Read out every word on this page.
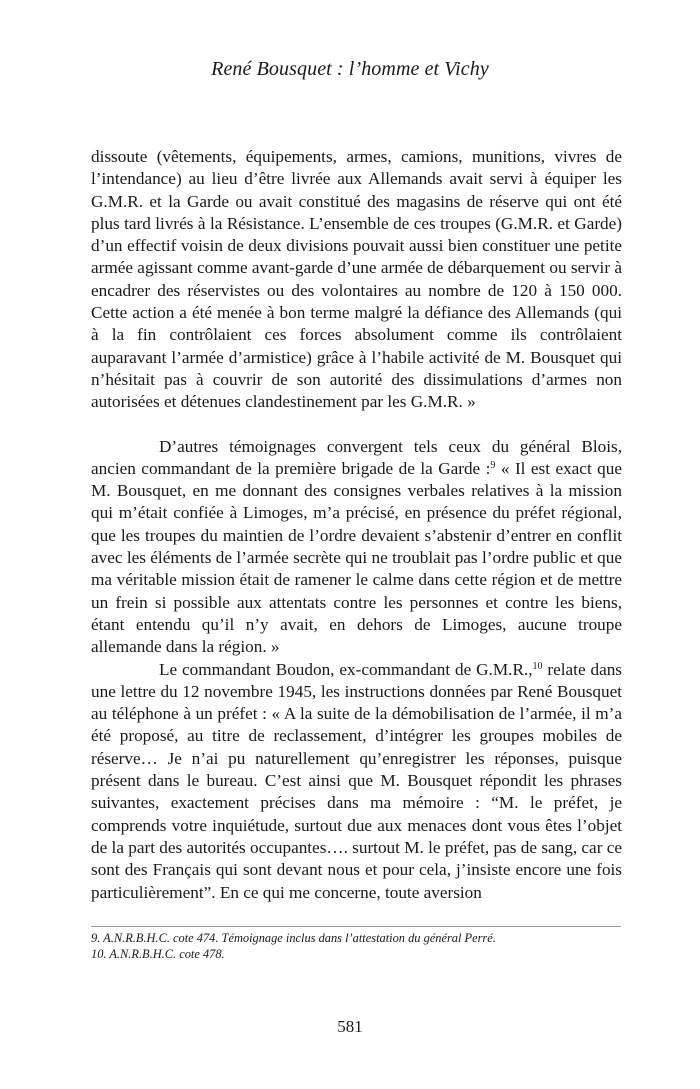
René Bousquet : l’homme et Vichy

dissoute (vêtements, équipements, armes, camions, munitions, vivres de l’intendance) au lieu d’être livrée aux Allemands avait servi à équiper les G.M.R. et la Garde ou avait constitué des magasins de réserve qui ont été plus tard livrés à la Résistance. L’ensemble de ces troupes (G.M.R. et Garde) d’un effectif voisin de deux divisions pouvait aussi bien constituer une petite armée agissant comme avant-garde d’une armée de débarquement ou servir à encadrer des réservistes ou des volontaires au nombre de 120 à 150 000. Cette action a été menée à bon terme malgré la défiance des Allemands (qui à la fin contrôlaient ces forces absolument comme ils contrôlaient auparavant l’armée d’armistice) grâce à l’habile activité de M. Bousquet qui n’hésitait pas à couvrir de son autorité des dissimulations d’armes non autorisées et détenues clandestinement par les G.M.R. »

D’autres témoignages convergent tels ceux du général Blois, ancien commandant de la première brigade de la Garde :$^9$ « Il est exact que M. Bousquet, en me donnant des consignes verbales relatives à la mission qui m’était confiée à Limoges, m’a précisé, en présence du préfet régional, que les troupes du maintien de l’ordre devaient s’abstenir d’entrer en conflit avec les éléments de l’armée secrète qui ne troublait pas l’ordre public et que ma véritable mission était de ramener le calme dans cette région et de mettre un frein si possible aux attentats contre les personnes et contre les biens, étant entendu qu’il n’y avait, en dehors de Limoges, aucune troupe allemande dans la région. »

Le commandant Boudon, ex-commandant de G.M.R.,$^{10}$ relate dans une lettre du 12 novembre 1945, les instructions données par René Bousquet au téléphone à un préfet : « A la suite de la démobilisation de l’armée, il m’a été proposé, au titre de reclassement, d’intégrer les groupes mobiles de réserve… Je n’ai pu naturellement qu’enregistrer les réponses, puisque présent dans le bureau. C’est ainsi que M. Bousquet répondit les phrases suivantes, exactement précises dans ma mémoire : “M. le préfet, je comprends votre inquiétude, surtout due aux menaces dont vous êtes l’objet de la part des autorités occupantes…. surtout M. le préfet, pas de sang, car ce sont des Français qui sont devant nous et pour cela, j’insiste encore une fois particulièrement”. En ce qui me concerne, toute aversion

9. A.N.R.B.H.C. cote 474. Témoignage inclus dans l’attestation du général Perré.
10. A.N.R.B.H.C. cote 478.
581
